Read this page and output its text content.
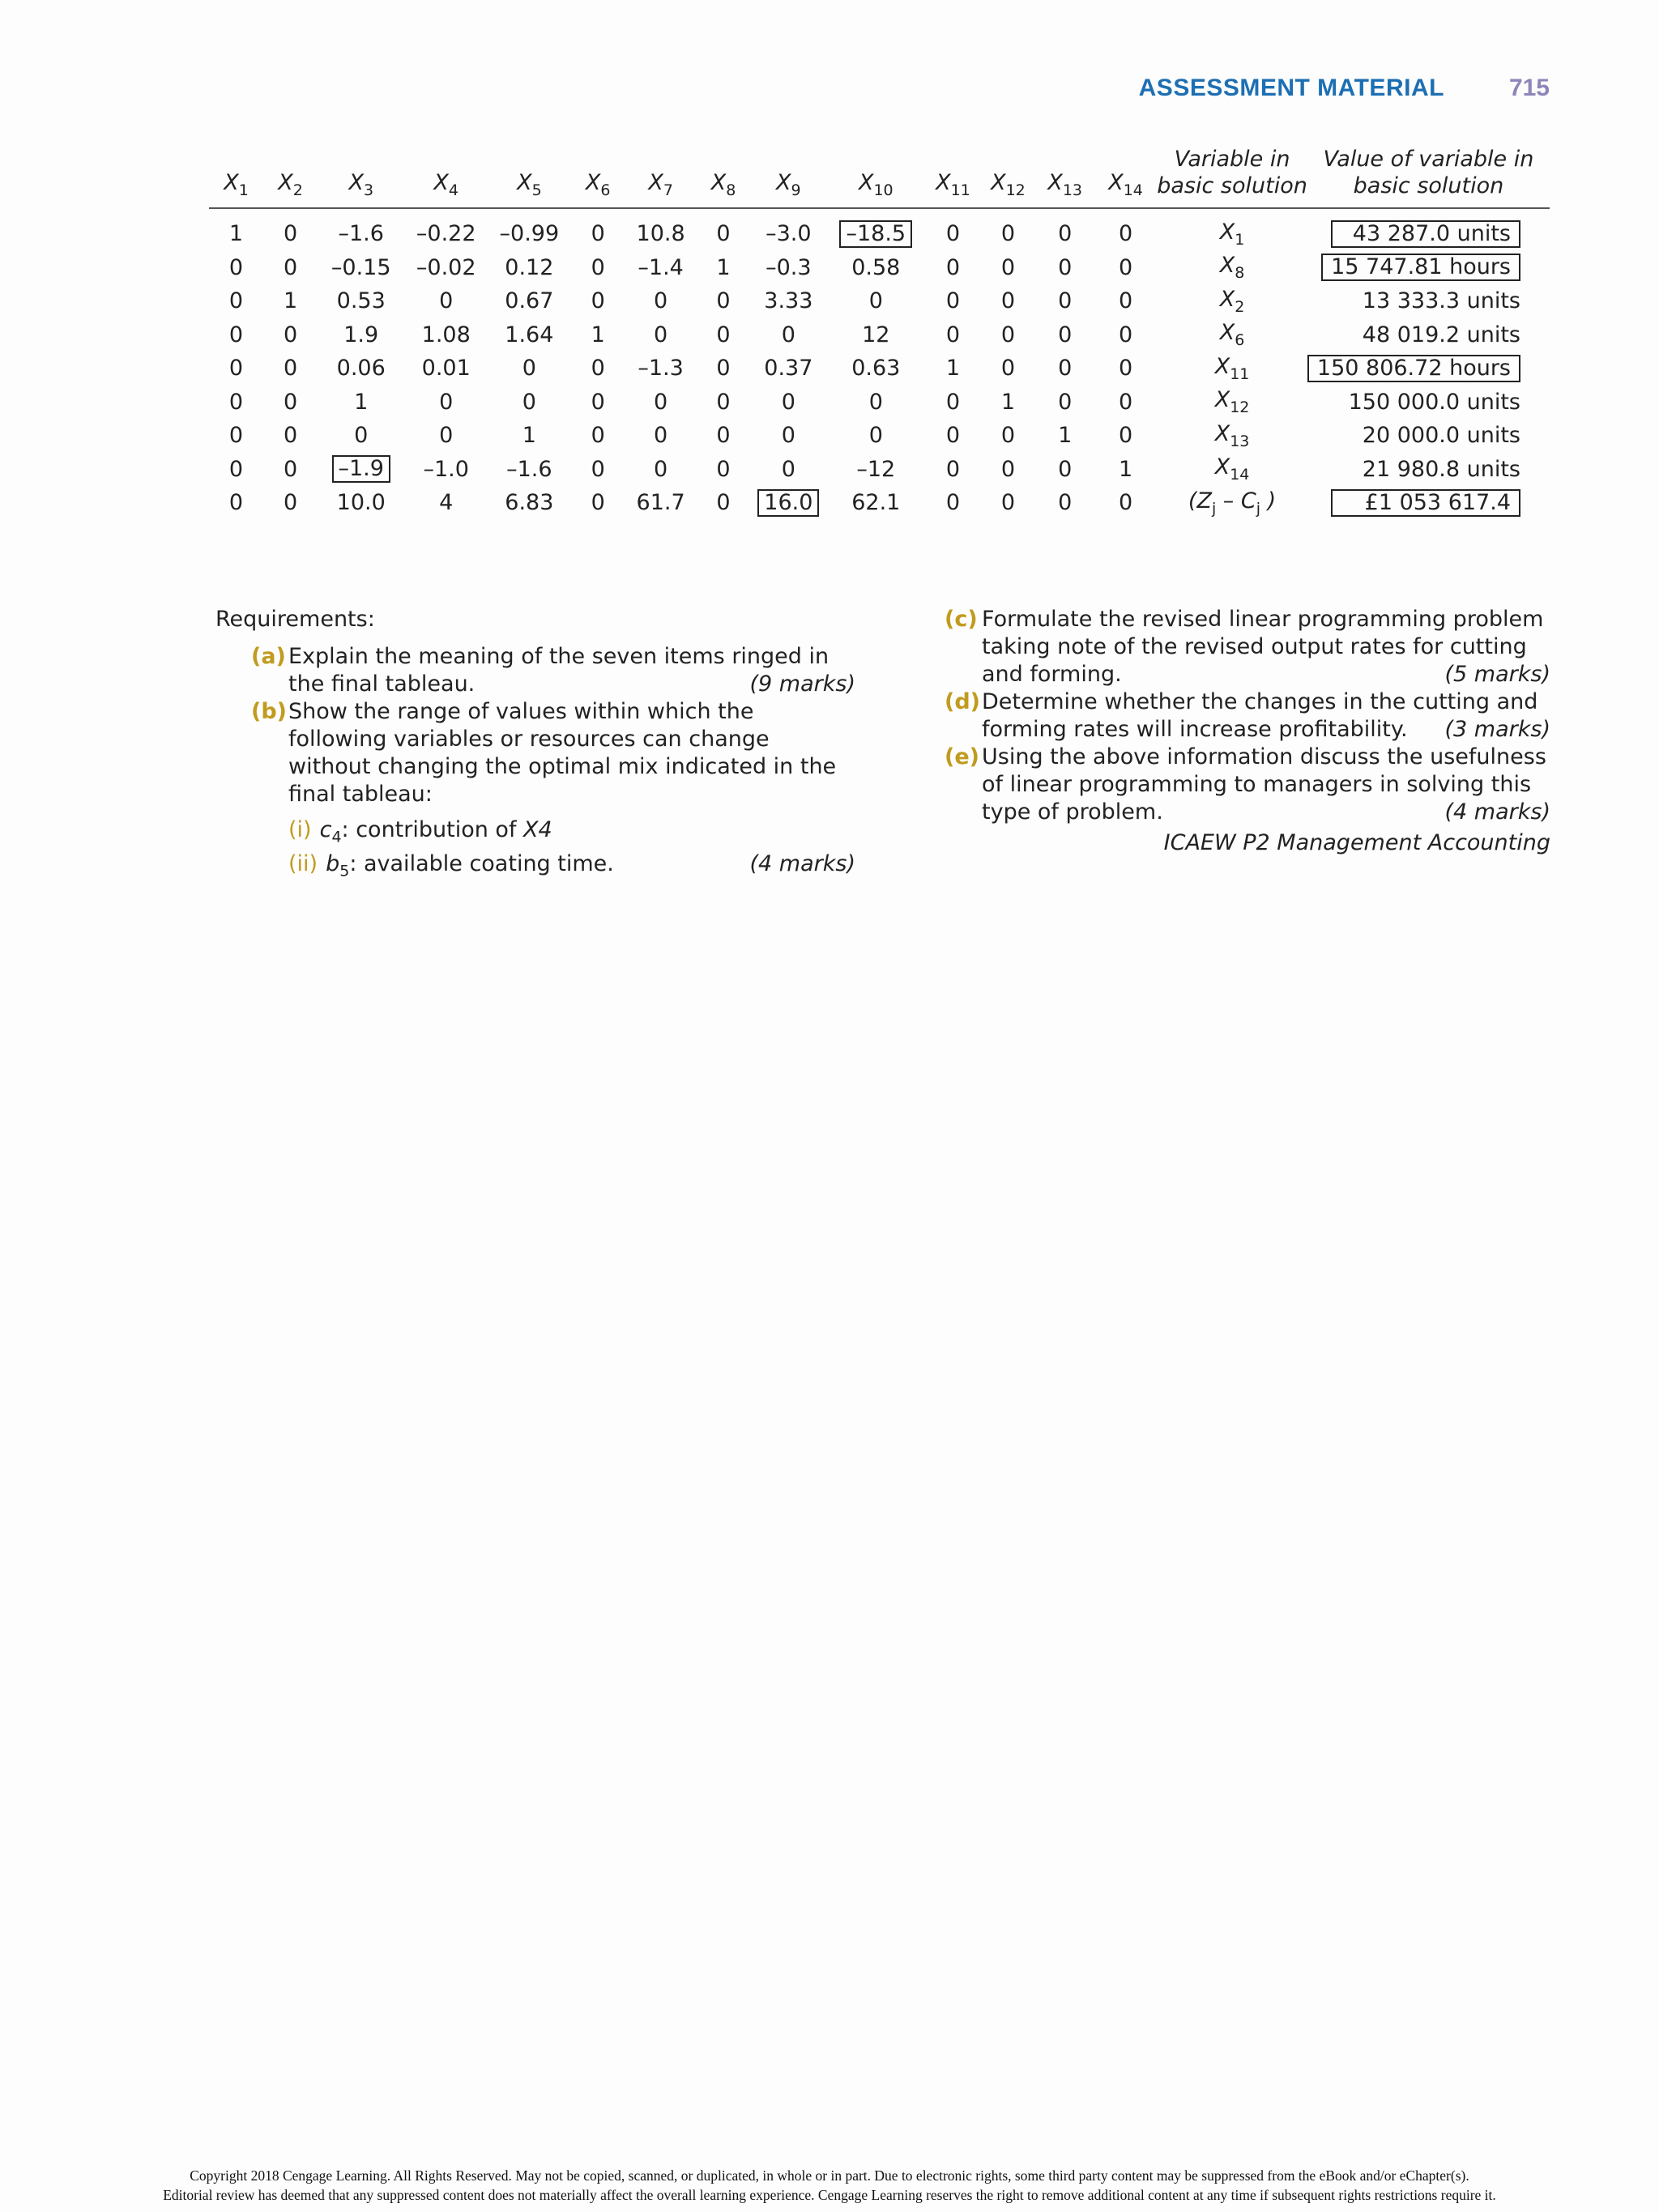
ASSESSMENT MATERIAL	715
$X_1$	$X_2$	$X_3$	$X_4$	$X_5$	$X_6$	$X_7$	$X_8$	$X_9$	$X_{10}$	$X_{11}$	$X_{12}$	$X_{13}$	$X_{14}$	Variable in
basic solution	Value of variable in
basic solution
1	0	–1.6	–0.22	–0.99	0	10.8	0	–3.0	–18.5	0	0	0	0	$X_1$	43 287.0 units
0	0	–0.15	–0.02	0.12	0	–1.4	1	–0.3	0.58	0	0	0	0	$X_8$	15 747.81 hours
0	1	0.53	0	0.67	0	0	0	3.33	0	0	0	0	0	$X_2$	13 333.3 units
0	0	1.9	1.08	1.64	1	0	0	0	12	0	0	0	0	$X_6$	48 019.2 units
0	0	0.06	0.01	0	0	–1.3	0	0.37	0.63	1	0	0	0	$X_{11}$	150 806.72 hours
0	0	1	0	0	0	0	0	0	0	0	1	0	0	$X_{12}$	150 000.0 units
0	0	0	0	1	0	0	0	0	0	0	0	1	0	$X_{13}$	20 000.0 units
0	0	–1.9	–1.0	–1.6	0	0	0	0	–12	0	0	0	1	$X_{14}$	21 980.8 units
0	0	10.0	4	6.83	0	61.7	0	16.0	62.1	0	0	0	0	($Z_j - C_j$ )	£1 053 617.4
Requirements:
(a) Explain the meaning of the seven items ringed in the final tableau.	(9 marks)
(b) Show the range of values within which the following variables or resources can change without changing the optimal mix indicated in the final tableau:
(i) $c_4$: contribution of X4
(ii) $b_5$: available coating time.	(4 marks)
(c) Formulate the revised linear programming problem taking note of the revised output rates for cutting and forming.	(5 marks)
(d) Determine whether the changes in the cutting and forming rates will increase profitability. (3 marks)
(e) Using the above information discuss the usefulness of linear programming to managers in solving this type of problem.	(4 marks)
ICAEW P2 Management Accounting
Copyright 2018 Cengage Learning. All Rights Reserved. May not be copied, scanned, or duplicated, in whole or in part. Due to electronic rights, some third party content may be suppressed from the eBook and/or eChapter(s).
Editorial review has deemed that any suppressed content does not materially affect the overall learning experience. Cengage Learning reserves the right to remove additional content at any time if subsequent rights restrictions require it.
